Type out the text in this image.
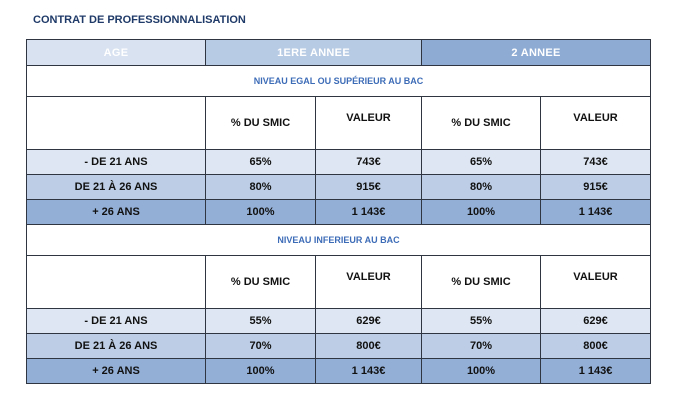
CONTRAT DE PROFESSIONNALISATION
AGE	1ERE ANNEE		2 ANNEE	
NIVEAU EGAL OU SUPÉRIEUR AU BAC				

	% DU SMIC	VALEUR	% DU SMIC	VALEUR

- DE 21 ANS	65%	743€	65%	743€
DE 21 À 26 ANS	80%	915€	80%	915€
+ 26 ANS	100%	1 143€	100%	1 143€
NIVEAU INFERIEUR AU BAC				

	% DU SMIC	VALEUR	% DU SMIC	VALEUR

- DE 21 ANS	55%	629€	55%	629€
DE 21 À 26 ANS	70%	800€	70%	800€
+ 26 ANS	100%	1 143€	100%	1 143€
